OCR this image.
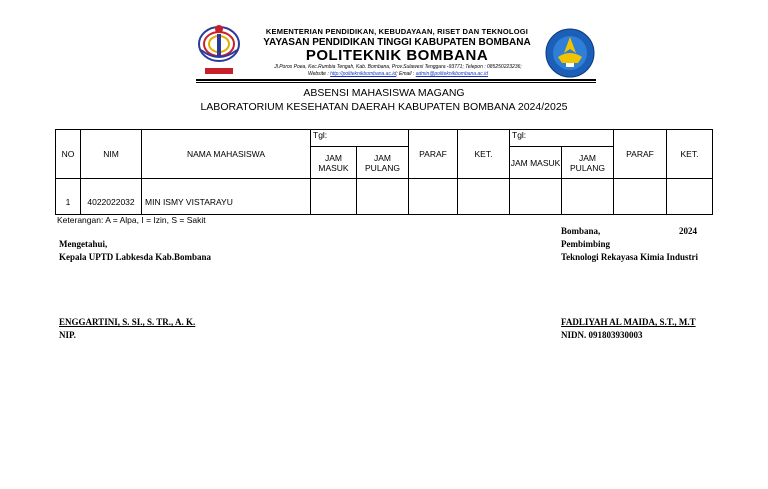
KEMENTERIAN PENDIDIKAN, KEBUDAYAAN, RISET DAN TEKNOLOGI
YAYASAN PENDIDIKAN TINGGI KABUPATEN BOMBANA
POLITEKNIK BOMBANA
Jl.Poros Poea, Kec.Rumbia Tengah, Kab. Bombana, Prov.Sulawesi Tenggara -93771; Telepon : 085250223236;
Website : http://politeknikbombana.ac.id; Email : admin@politeknikbombana.ac.id
ABSENSI MAHASISWA MAGANG
LABORATORIUM KESEHATAN DAERAH KABUPATEN BOMBANA 2024/2025
NO	NIM	NAMA MAHASISWA	Tgl:		PARAF	KET.	Tgl:		PARAF	KET.
			JAM MASUK	JAM PULANG			JAM MASUK	JAM PULANG		
1	4022022032	MIN ISMY VISTARAYU								
Keterangan: A = Alpa, I = Izin, S = Sakit
Mengetahui,
Kepala UPTD Labkesda Kab.Bombana
ENGGARTINI, S. SI., S. TR., A. K.
NIP.
Bombana,	2024
Pembimbing
Teknologi Rekayasa Kimia Industri
FADLIYAH AL MAIDA, S.T., M.T
NIDN. 091803930003
